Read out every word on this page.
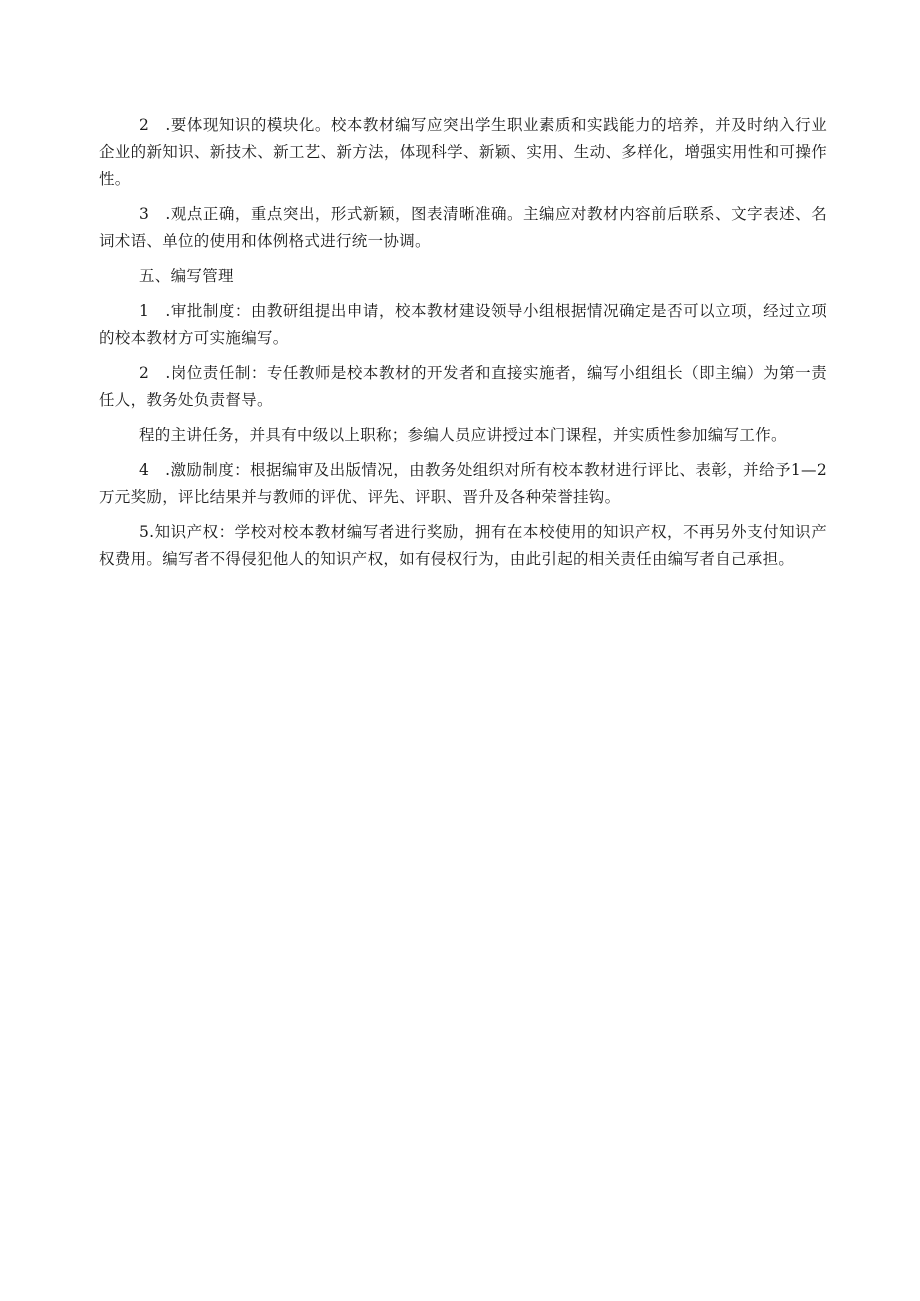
2　.要体现知识的模块化。校本教材编写应突出学生职业素质和实践能力的培养，并及时纳入行业企业的新知识、新技术、新工艺、新方法，体现科学、新颖、实用、生动、多样化，增强实用性和可操作性。

3　.观点正确，重点突出，形式新颖，图表清晰准确。主编应对教材内容前后联系、文字表述、名词术语、单位的使用和体例格式进行统一协调。

五、编写管理

1　.审批制度：由教研组提出申请，校本教材建设领导小组根据情况确定是否可以立项，经过立项的校本教材方可实施编写。

2　.岗位责任制：专任教师是校本教材的开发者和直接实施者，编写小组组长（即主编）为第一责任人，教务处负责督导。

程的主讲任务，并具有中级以上职称；参编人员应讲授过本门课程，并实质性参加编写工作。

4　.激励制度：根据编审及出版情况，由教务处组织对所有校本教材进行评比、表彰，并给予1—2万元奖励，评比结果并与教师的评优、评先、评职、晋升及各种荣誉挂钩。

5.知识产权：学校对校本教材编写者进行奖励，拥有在本校使用的知识产权，不再另外支付知识产权费用。编写者不得侵犯他人的知识产权，如有侵权行为，由此引起的相关责任由编写者自己承担。
